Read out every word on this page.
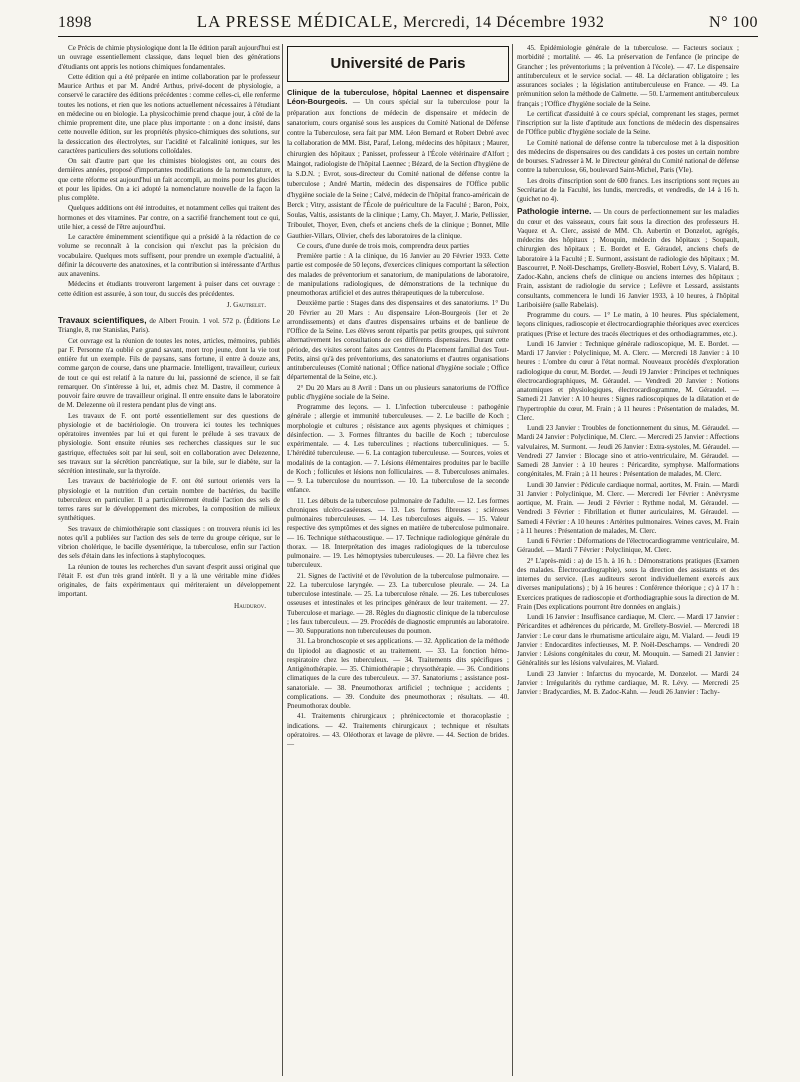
1898	LA PRESSE MÉDICALE, Mercredi, 14 Décembre 1932	N° 100

Ce Précis de chimie physiologique dont la IIe édition paraît aujourd'hui est un ouvrage essentiellement classique, dans lequel bien des générations d'étudiants ont appris les notions chimiques fondamentales.

Cette édition qui a été préparée en intime collaboration par le professeur Maurice Arthus et par M. André Arthus, privé-docent de physiologie, a conservé le caractère des éditions précédentes : comme celles-ci, elle renferme toutes les notions, et rien que les notions actuellement nécessaires à l'étudiant en médecine ou en biologie. La physicochimie prend chaque jour, à côté de la chimie proprement dite, une place plus importante : on a donc insisté, dans cette nouvelle édition, sur les propriétés physico-chimiques des solutions, sur la dessiccation des électrolytes, sur l'acidité et l'alcalinité ioniques, sur les caractères particuliers des solutions colloïdales.

On sait d'autre part que les chimistes biologistes ont, au cours des dernières années, proposé d'importantes modifications de la nomenclature, et que cette réforme est aujourd'hui un fait accompli, au moins pour les glucides et pour les lipides. On a ici adopté la nomenclature nouvelle de la façon la plus complète.

Quelques additions ont été introduites, et notamment celles qui traitent des hormones et des vitamines. Par contre, on a sacrifié franchement tout ce qui, utile hier, a cessé de l'être aujourd'hui.

Le caractère éminemment scientifique qui a présidé à la rédaction de ce volume se reconnaît à la concision qui n'exclut pas la précision du vocabulaire. Quelques mots suffisent, pour prendre un exemple d'actualité, à définir la découverte des anatoxines, et la contribution si intéressante d'Arthus aux anavenins.

Médecins et étudiants trouveront largement à puiser dans cet ouvrage : cette édition est assurée, à son tour, du succès des précédentes.

J. Gautrelet.

Travaux scientifiques, de Albert Frouin. 1 vol. 572 p. (Éditions Le Triangle, 8, rue Stanislas, Paris).

Cet ouvrage est la réunion de toutes les notes, articles, mémoires, publiés par F. Personne n'a oublié ce grand savant, mort trop jeune, dont la vie tout entière fut un exemple. Fils de paysans, sans fortune, il entre à douze ans, comme garçon de course, dans une pharmacie. Intelligent, travailleur, curieux de tout ce qui est relatif à la nature du lui, passionné de science, il se fait remarquer. On s'intéresse à lui, et, admis chez M. Dastre, il commence à pouvoir faire œuvre de travailleur original. Il entre ensuite dans le laboratoire de M. Delezenne où il restera pendant plus de vingt ans.

Les travaux de F. ont porté essentiellement sur des questions de physiologie et de bactériologie. On trouvera ici toutes les techniques opératoires inventées par lui et qui furent le prélude à ses travaux de physiologie. Sont ensuite réunies ses recherches classiques sur le suc gastrique, effectuées soit par lui seul, soit en collaboration avec Delezenne, ses travaux sur la sécrétion pancréatique, sur la bile, sur le diabète, sur la sécrétion intestinale, sur la thyroïde.

Les travaux de bactériologie de F. ont été surtout orientés vers la physiologie et la nutrition d'un certain nombre de bactéries, du bacille tuberculeux en particulier. Il a particulièrement étudié l'action des sels de terres rares sur le développement des microbes, la composition de milieux synthétiques.

Ses travaux de chimiothérapie sont classiques : on trouvera réunis ici les notes qu'il a publiées sur l'action des sels de terre du groupe cérique, sur le vibrion cholérique, le bacille dysentérique, la tuberculose, enfin sur l'action des sels d'étain dans les infections à staphylocoques.

La réunion de toutes les recherches d'un savant d'esprit aussi original que l'était F. est d'un très grand intérêt. Il y a là une véritable mine d'idées originales, de faits expérimentaux qui mériteraient un développement important.

Haudurov.
Université de Paris

Clinique de la tuberculose, hôpital Laennec et dispensaire Léon-Bourgeois. — Un cours spécial sur la tuberculose pour la préparation aux fonctions de médecin de dispensaire et médecin de sanatorium, cours organisé sous les auspices du Comité National de Défense contre la Tuberculose, sera fait par MM. Léon Bernard et Robert Debré avec la collaboration de MM. Bist, Paraf, Lelong, médecins des hôpitaux ; Maurer, chirurgien des hôpitaux ; Panisset, professeur à l'École vétérinaire d'Alfort ; Maingot, radiologiste de l'hôpital Laennec ; Bézard, de la Section d'hygiène de la S.D.N. ; Evrot, sous-directeur du Comité national de défense contre la tuberculose ; André Martin, médecin des dispensaires de l'Office public d'hygiène sociale de la Seine ; Calvé, médecin de l'hôpital franco-américain de Berck ; Vitry, assistant de l'École de puériculture de la Faculté ; Baron, Poix, Soulas, Valtis, assistants de la clinique ; Lamy, Ch. Mayer, J. Marie, Pellissier, Triboulet, Thoyer, Even, chefs et anciens chefs de la clinique ; Bonnet, Mlle Gauthier-Villars, Olivier, chefs des laboratoires de la clinique.

Ce cours, d'une durée de trois mois, comprendra deux parties

Première partie : A la clinique, du 16 Janvier au 20 Février 1933. Cette partie est composée de 50 leçons, d'exercices cliniques comportant la sélection des malades de préventorium et sanatorium, de manipulations de laboratoire, de manipulations radiologiques, de démonstrations de la technique du pneumothorax artificiel et des autres thérapeutiques de la tuberculose.

Deuxième partie : Stages dans des dispensaires et des sanatoriums. 1° Du 20 Février au 20 Mars : Au dispensaire Léon-Bourgeois (1er et 2e arrondissements) et dans d'autres dispensaires urbains et de banlieue de l'Office de la Seine. Les élèves seront répartis par petits groupes, qui suivront alternativement les consultations de ces différents dispensaires. Durant cette période, des visites seront faites aux Centres du Placement familial des Tout-Petits, ainsi qu'à des préventoriums, des sanatoriums et d'autres organisations antituberculeuses (Comité national ; Office national d'hygiène sociale ; Office départemental de la Seine, etc.).

2° Du 20 Mars au 8 Avril : Dans un ou plusieurs sanatoriums de l'Office public d'hygiène sociale de la Seine.

Programme des leçons. — 1. L'infection tuberculeuse : pathogénie générale ; allergie et immunité tuberculeuses. — 2. Le bacille de Koch ; morphologie et cultures ; résistance aux agents physiques et chimiques ; désinfection. — 3. Formes filtrantes du bacille de Koch ; tuberculose expérimentale. — 4. Les tuberculines ; réactions tuberculiniques. — 5. L'hérédité tuberculeuse. — 6. La contagion tuberculeuse. — Sources, voies et modalités de la contagion. — 7. Lésions élémentaires produites par le bacille de Koch ; follicules et lésions non folliculaires. — 8. Tuberculoses animales. — 9. La tuberculose du nourrisson. — 10. La tuberculose de la seconde enfance.

11. Les débuts de la tuberculose pulmonaire de l'adulte. — 12. Les formes chroniques ulcéro-caséeuses. — 13. Les formes fibreuses ; scléroses pulmonaires tuberculeuses. — 14. Les tuberculoses aiguës. — 15. Valeur respective des symptômes et des signes en matière de tuberculose pulmonaire. — 16. Technique stéthacoustique. — 17. Technique radiologique générale du thorax. — 18. Interprétation des images radiologiques de la tuberculose pulmonaire. — 19. Les hémoptysies tuberculeuses. — 20. La fièvre chez les tuberculeux.

21. Signes de l'activité et de l'évolution de la tuberculose pulmonaire. — 22. La tuberculose laryngée. — 23. La tuberculose pleurale. — 24. La tuberculose intestinale. — 25. La tuberculose rénale. — 26. Les tuberculoses osseuses et intestinales et les principes généraux de leur traitement. — 27. Tuberculose et mariage. — 28. Règles du diagnostic clinique de la tuberculose ; les faux tuberculeux. — 29. Procédés de diagnostic empruntés au laboratoire. — 30. Suppurations non tuberculeuses du poumon.

31. La bronchoscopie et ses applications. — 32. Application de la méthode du lipiodol au diagnostic et au traitement. — 33. La fonction hémo-respiratoire chez les tuberculeux. — 34. Traitements dits spécifiques ; Antigénothérapie. — 35. Chimiothérapie ; chrysothérapie. — 36. Conditions climatiques de la cure des tuberculeux. — 37. Sanatoriums ; assistance post-sanatoriale. — 38. Pneumothorax artificiel ; technique ; accidents ; complications. — 39. Conduite des pneumothorax ; résultats. — 40. Pneumothorax double.

41. Traitements chirurgicaux ; phrénicectomie et thoracoplastie ; indications. — 42. Traitements chirurgicaux ; technique et résultats opératoires. — 43. Oléothorax et lavage de plèvre. — 44. Section de brides. —

45. Épidémiologie générale de la tuberculose. — Facteurs sociaux ; morbidité ; mortalité. — 46. La préservation de l'enfance (le principe de Grancher ; les préventoriums ; la prévention à l'école). — 47. Le dispensaire antituberculeux et le service social. — 48. La déclaration obligatoire ; les assurances sociales ; la législation antituberculeuse en France. — 49. La prémunition selon la méthode de Calmette. — 50. L'armement antituberculeux français ; l'Office d'hygiène sociale de la Seine.

Le certificat d'assiduité à ce cours spécial, comprenant les stages, permet l'inscription sur la liste d'aptitude aux fonctions de médecin des dispensaires de l'Office public d'hygiène sociale de la Seine.

Le Comité national de défense contre la tuberculose met à la disposition des médecins de dispensaires ou des candidats à ces postes un certain nombre de bourses. S'adresser à M. le Directeur général du Comité national de défense contre la tuberculose, 66, boulevard Saint-Michel, Paris (VIe).

Les droits d'inscription sont de 600 francs. Les inscriptions sont reçues au Secrétariat de la Faculté, les lundis, mercredis, et vendredis, de 14 à 16 h. (guichet no 4).

Pathologie interne. — Un cours de perfectionnement sur les maladies du cœur et des vaisseaux, cours fait sous la direction des professeurs H. Vaquez et A. Clerc, assisté de MM. Ch. Aubertin et Donzelot, agrégés, médecins des hôpitaux ; Mouquin, médecin des hôpitaux ; Soupault, chirurgien des hôpitaux ; E. Bordet et E. Géraudel, anciens chefs de laboratoire à la Faculté ; E. Surmont, assistant de radiologie des hôpitaux ; M. Bascourret, P. Noël-Deschamps, Grellety-Bosviel, Robert Lévy, S. Vialard, B. Zadoc-Kahn, anciens chefs de clinique ou anciens internes des hôpitaux ; Frain, assistant de radiologie du service ; Lefèvre et Lessard, assistants consultants, commencera le lundi 16 Janvier 1933, à 10 heures, à l'hôpital Lariboisière (salle Rabelais).

Programme du cours. — 1° Le matin, à 10 heures. Plus spécialement, leçons cliniques, radioscopie et électrocardiographie théoriques avec exercices pratiques (Prise et lecture des tracés électriques et des orthodiagrammes, etc.).

Lundi 16 Janvier : Technique générale radioscopique, M. E. Bordet. — Mardi 17 Janvier : Polyclinique, M. A. Clerc. — Mercredi 18 Janvier : à 10 heures : L'ombre du cœur à l'état normal. Nouveaux procédés d'exploration radiologique du cœur, M. Bordet. — Jeudi 19 Janvier : Principes et techniques électrocardiographiques, M. Géraudel. — Vendredi 20 Janvier : Notions anatomiques et physiologiques, électrocardiogramme, M. Géraudel. — Samedi 21 Janvier : A 10 heures : Signes radioscopiques de la dilatation et de l'hypertrophie du cœur, M. Frain ; à 11 heures : Présentation de malades, M. Clerc.

Lundi 23 Janvier : Troubles de fonctionnement du sinus, M. Géraudel. — Mardi 24 Janvier : Polyclinique, M. Clerc. — Mercredi 25 Janvier : Affections valvulaires, M. Surmont. — Jeudi 26 Janvier : Extra-systoles, M. Géraudel. — Vendredi 27 Janvier : Blocage sino et atrio-ventriculaire, M. Géraudel. — Samedi 28 Janvier : à 10 heures : Péricardite, symphyse. Malformations congénitales, M. Frain ; à 11 heures : Présentation de malades, M. Clerc.

Lundi 30 Janvier : Pédicule cardiaque normal, aortites, M. Frain. — Mardi 31 Janvier : Polyclinique, M. Clerc. — Mercredi 1er Février : Anévrysme aortique, M. Frain. — Jeudi 2 Février : Rythme nodal, M. Géraudel. — Vendredi 3 Février : Fibrillation et flutter auriculaires, M. Géraudel. — Samedi 4 Février : A 10 heures : Artérites pulmonaires. Veines caves, M. Frain ; à 11 heures : Présentation de malades, M. Clerc.

Lundi 6 Février : Déformations de l'électrocardiogramme ventriculaire, M. Géraudel. — Mardi 7 Février : Polyclinique, M. Clerc.

2° L'après-midi : a) de 15 h. à 16 h. : Démonstrations pratiques (Examen des malades. Électrocardiographie), sous la direction des assistants et des internes du service. (Les auditeurs seront individuellement exercés aux diverses manipulations) ; b) à 16 heures : Conférence théorique ; c) à 17 h : Exercices pratiques de radioscopie et d'orthodiagraphie sous la direction de M. Frain (Des explications pourront être données en anglais.)

Lundi 16 Janvier : Insuffisance cardiaque, M. Clerc. — Mardi 17 Janvier : Péricardites et adhérences du péricarde, M. Grellety-Bosviel. — Mercredi 18 Janvier : Le cœur dans le rhumatisme articulaire aigu, M. Vialard. — Jeudi 19 Janvier : Endocardites infectieuses, M. P. Noël-Deschamps. — Vendredi 20 Janvier : Lésions congénitales du cœur, M. Mouquin. — Samedi 21 Janvier : Généralités sur les lésions valvulaires, M. Vialard.

Lundi 23 Janvier : Infarctus du myocarde, M. Donzelot. — Mardi 24 Janvier : Irrégularités du rythme cardiaque, M. R. Lévy. — Mercredi 25 Janvier : Bradycardies, M. B. Zadoc-Kahn. — Jeudi 26 Janvier : Tachy-
